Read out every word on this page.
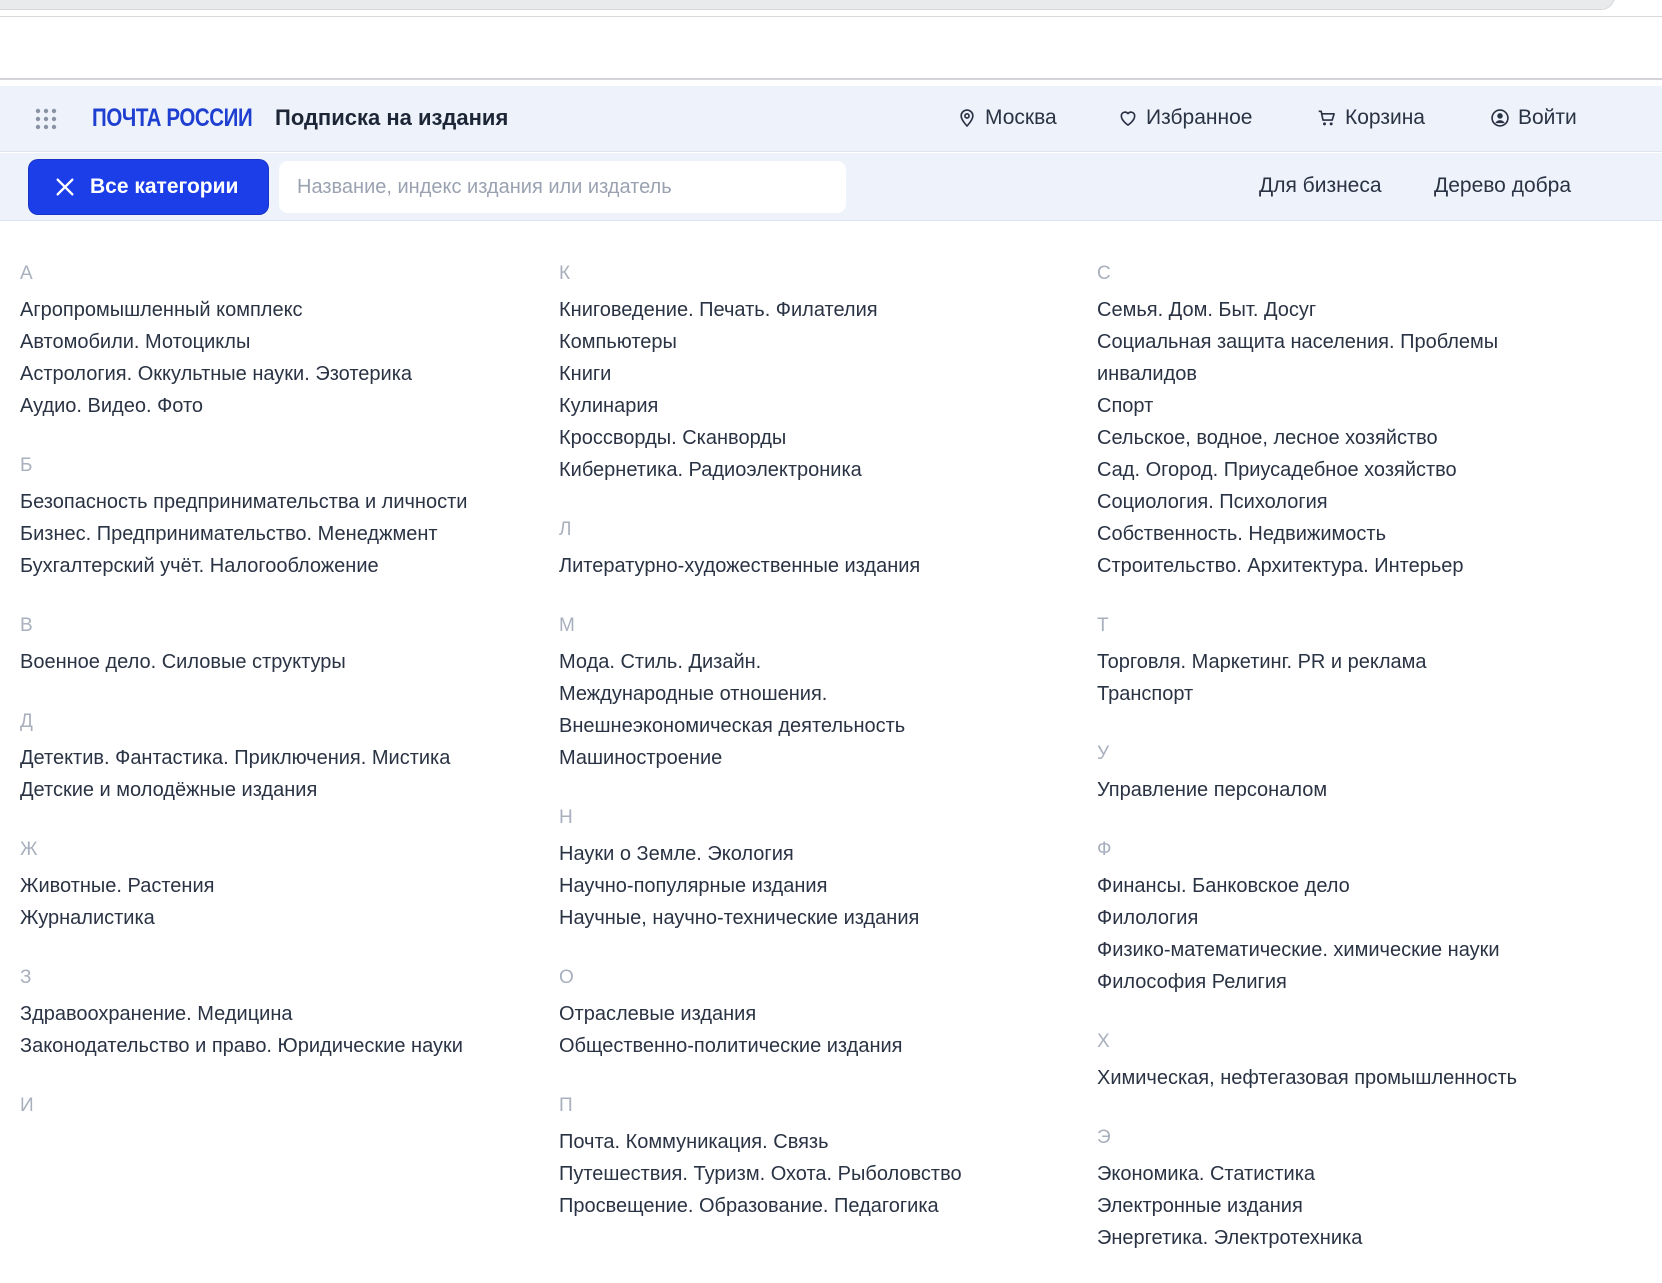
ПОЧТА РОССИИ Подписка на издания	Москва	Избранное	Корзина	Войти
Все категории
Название, индекс издания или издатель	Для бизнеса Дерево добра
А
Агропромышленный комплекс
Автомобили. Мотоциклы
Астрология. Оккультные науки. Эзотерика
Аудио. Видео. Фото
Б
Безопасность предпринимательства и личности
Бизнес. Предпринимательство. Менеджмент
Бухгалтерский учёт. Налогообложение
В
Военное дело. Силовые структуры
Д
Детектив. Фантастика. Приключения. Мистика
Детские и молодёжные издания
Ж
Животные. Растения
Журналистика
З
Здравоохранение. Медицина
Законодательство и право. Юридические науки
И
К
Книговедение. Печать. Филателия
Компьютеры
Книги
Кулинария
Кроссворды. Сканворды
Кибернетика. Радиоэлектроника
Л
Литературно-художественные издания
М
Мода. Стиль. Дизайн.
Международные отношения.
Внешнеэкономическая деятельность
Машиностроение
Н
Науки о Земле. Экология
Научно-популярные издания
Научные, научно-технические издания
О
Отраслевые издания
Общественно-политические издания
П
Почта. Коммуникация. Связь
Путешествия. Туризм. Охота. Рыболовство
Просвещение. Образование. Педагогика
С
Семья. Дом. Быт. Досуг
Социальная защита населения. Проблемы инвалидов
Спорт
Сельское, водное, лесное хозяйство
Сад. Огород. Приусадебное хозяйство
Социология. Психология
Собственность. Недвижимость
Строительство. Архитектура. Интерьер
Т
Торговля. Маркетинг. PR и реклама
Транспорт
У
Управление персоналом
Ф
Финансы. Банковское дело
Филология
Физико-математические. химические науки
Философия Религия
Х
Химическая, нефтегазовая промышленность
Э
Экономика. Статистика
Электронные издания
Энергетика. Электротехника
